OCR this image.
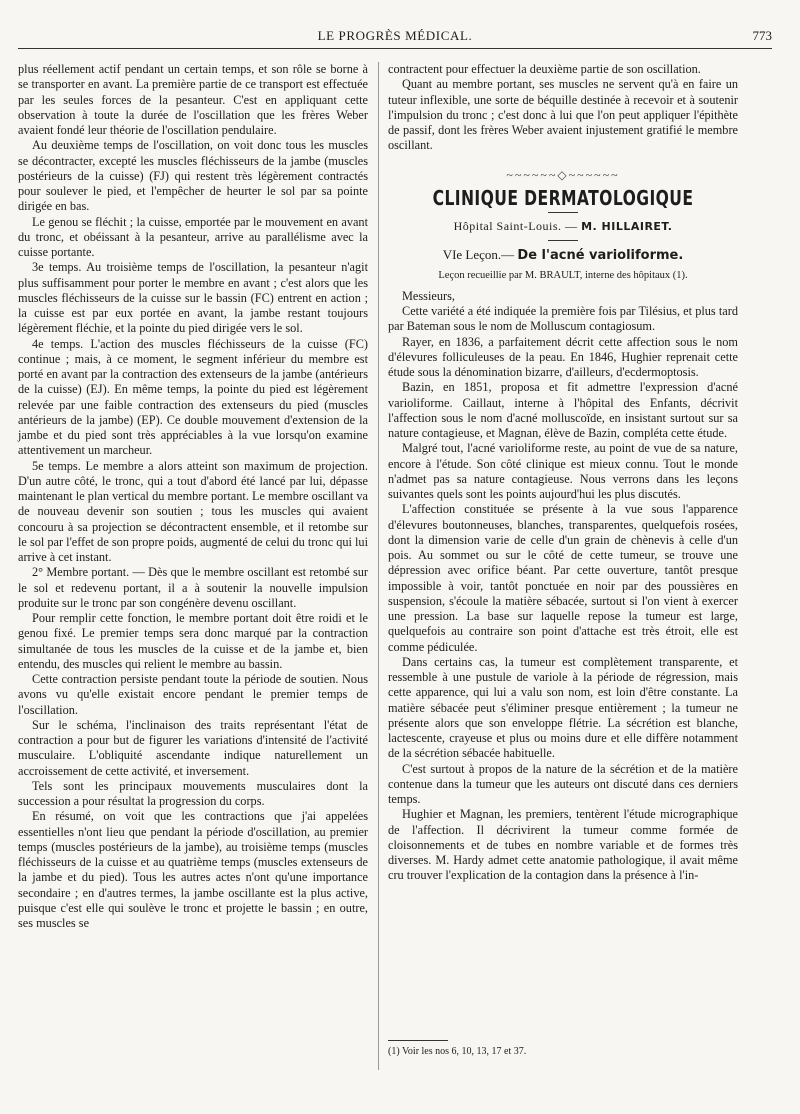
LE PROGRÈS MÉDICAL.	773

plus réellement actif pendant un certain temps, et son rôle se borne à se transporter en avant. La première partie de ce transport est effectuée par les seules forces de la pesanteur. C'est en appliquant cette observation à toute la durée de l'oscillation que les frères Weber avaient fondé leur théorie de l'oscillation pendulaire.

Au deuxième temps de l'oscillation, on voit donc tous les muscles se décontracter, excepté les muscles fléchisseurs de la jambe (muscles postérieurs de la cuisse) (FJ) qui restent très légèrement contractés pour soulever le pied, et l'empêcher de heurter le sol par sa pointe dirigée en bas.

Le genou se fléchit ; la cuisse, emportée par le mouvement en avant du tronc, et obéissant à la pesanteur, arrive au parallélisme avec la cuisse portante.

3e temps. Au troisième temps de l'oscillation, la pesanteur n'agit plus suffisamment pour porter le membre en avant ; c'est alors que les muscles fléchisseurs de la cuisse sur le bassin (FC) entrent en action ; la cuisse est par eux portée en avant, la jambe restant toujours légèrement fléchie, et la pointe du pied dirigée vers le sol.

4e temps. L'action des muscles fléchisseurs de la cuisse (FC) continue ; mais, à ce moment, le segment inférieur du membre est porté en avant par la contraction des extenseurs de la jambe (antérieurs de la cuisse) (EJ). En même temps, la pointe du pied est légèrement relevée par une faible contraction des extenseurs du pied (muscles antérieurs de la jambe) (EP). Ce double mouvement d'extension de la jambe et du pied sont très appréciables à la vue lorsqu'on examine attentivement un marcheur.

5e temps. Le membre a alors atteint son maximum de projection. D'un autre côté, le tronc, qui a tout d'abord été lancé par lui, dépasse maintenant le plan vertical du membre portant. Le membre oscillant va de nouveau devenir son soutien ; tous les muscles qui avaient concouru à sa projection se décontractent ensemble, et il retombe sur le sol par l'effet de son propre poids, augmenté de celui du tronc qui lui arrive à cet instant.

2° Membre portant. — Dès que le membre oscillant est retombé sur le sol et redevenu portant, il a à soutenir la nouvelle impulsion produite sur le tronc par son congénère devenu oscillant.

Pour remplir cette fonction, le membre portant doit être roidi et le genou fixé. Le premier temps sera donc marqué par la contraction simultanée de tous les muscles de la cuisse et de la jambe et, bien entendu, des muscles qui relient le membre au bassin.

Cette contraction persiste pendant toute la période de soutien. Nous avons vu qu'elle existait encore pendant le premier temps de l'oscillation.

Sur le schéma, l'inclinaison des traits représentant l'état de contraction a pour but de figurer les variations d'intensité de l'activité musculaire. L'obliquité ascendante indique naturellement un accroissement de cette activité, et inversement.

Tels sont les principaux mouvements musculaires dont la succession a pour résultat la progression du corps.

En résumé, on voit que les contractions que j'ai appelées essentielles n'ont lieu que pendant la période d'oscillation, au premier temps (muscles postérieurs de la jambe), au troisième temps (muscles fléchisseurs de la cuisse et au quatrième temps (muscles extenseurs de la jambe et du pied). Tous les autres actes n'ont qu'une importance secondaire ; en d'autres termes, la jambe oscillante est la plus active, puisque c'est elle qui soulève le tronc et projette le bassin ; en outre, ses muscles se

contractent pour effectuer la deuxième partie de son oscillation.

Quant au membre portant, ses muscles ne servent qu'à en faire un tuteur inflexible, une sorte de béquille destinée à recevoir et à soutenir l'impulsion du tronc ; c'est donc à lui que l'on peut appliquer l'épithète de passif, dont les frères Weber avaient injustement gratifié le membre oscillant.

~~~~~~◇~~~~~~
CLINIQUE DERMATOLOGIQUE
Hôpital Saint-Louis. — M. HILLAIRET.
VIe Leçon.— De l'acné varioliforme.
Leçon recueillie par M. BRAULT, interne des hôpitaux (1).

Messieurs,

Cette variété a été indiquée la première fois par Tilésius, et plus tard par Bateman sous le nom de Molluscum contagiosum.

Rayer, en 1836, a parfaitement décrit cette affection sous le nom d'élevures folliculeuses de la peau. En 1846, Hughier reprenait cette étude sous la dénomination bizarre, d'ailleurs, d'ecdermoptosis.

Bazin, en 1851, proposa et fit admettre l'expression d'acné varioliforme. Caillaut, interne à l'hôpital des Enfants, décrivit l'affection sous le nom d'acné molluscoïde, en insistant surtout sur sa nature contagieuse, et Magnan, élève de Bazin, compléta cette étude.

Malgré tout, l'acné varioliforme reste, au point de vue de sa nature, encore à l'étude. Son côté clinique est mieux connu. Tout le monde n'admet pas sa nature contagieuse. Nous verrons dans les leçons suivantes quels sont les points aujourd'hui les plus discutés.

L'affection constituée se présente à la vue sous l'apparence d'élevures boutonneuses, blanches, transparentes, quelquefois rosées, dont la dimension varie de celle d'un grain de chènevis à celle d'un pois. Au sommet ou sur le côté de cette tumeur, se trouve une dépression avec orifice béant. Par cette ouverture, tantôt presque impossible à voir, tantôt ponctuée en noir par des poussières en suspension, s'écoule la matière sébacée, surtout si l'on vient à exercer une pression. La base sur laquelle repose la tumeur est large, quelquefois au contraire son point d'attache est très étroit, elle est comme pédiculée.

Dans certains cas, la tumeur est complètement transparente, et ressemble à une pustule de variole à la période de régression, mais cette apparence, qui lui a valu son nom, est loin d'être constante. La matière sébacée peut s'éliminer presque entièrement ; la tumeur ne présente alors que son enveloppe flétrie. La sécrétion est blanche, lactescente, crayeuse et plus ou moins dure et elle diffère notamment de la sécrétion sébacée habituelle.

C'est surtout à propos de la nature de la sécrétion et de la matière contenue dans la tumeur que les auteurs ont discuté dans ces derniers temps.

Hughier et Magnan, les premiers, tentèrent l'étude micrographique de l'affection. Il décrivirent la tumeur comme formée de cloisonnements et de tubes en nombre variable et de formes très diverses. M. Hardy admet cette anatomie pathologique, il avait même cru trouver l'explication de la contagion dans la présence à l'in-

(1) Voir les nos 6, 10, 13, 17 et 37.
